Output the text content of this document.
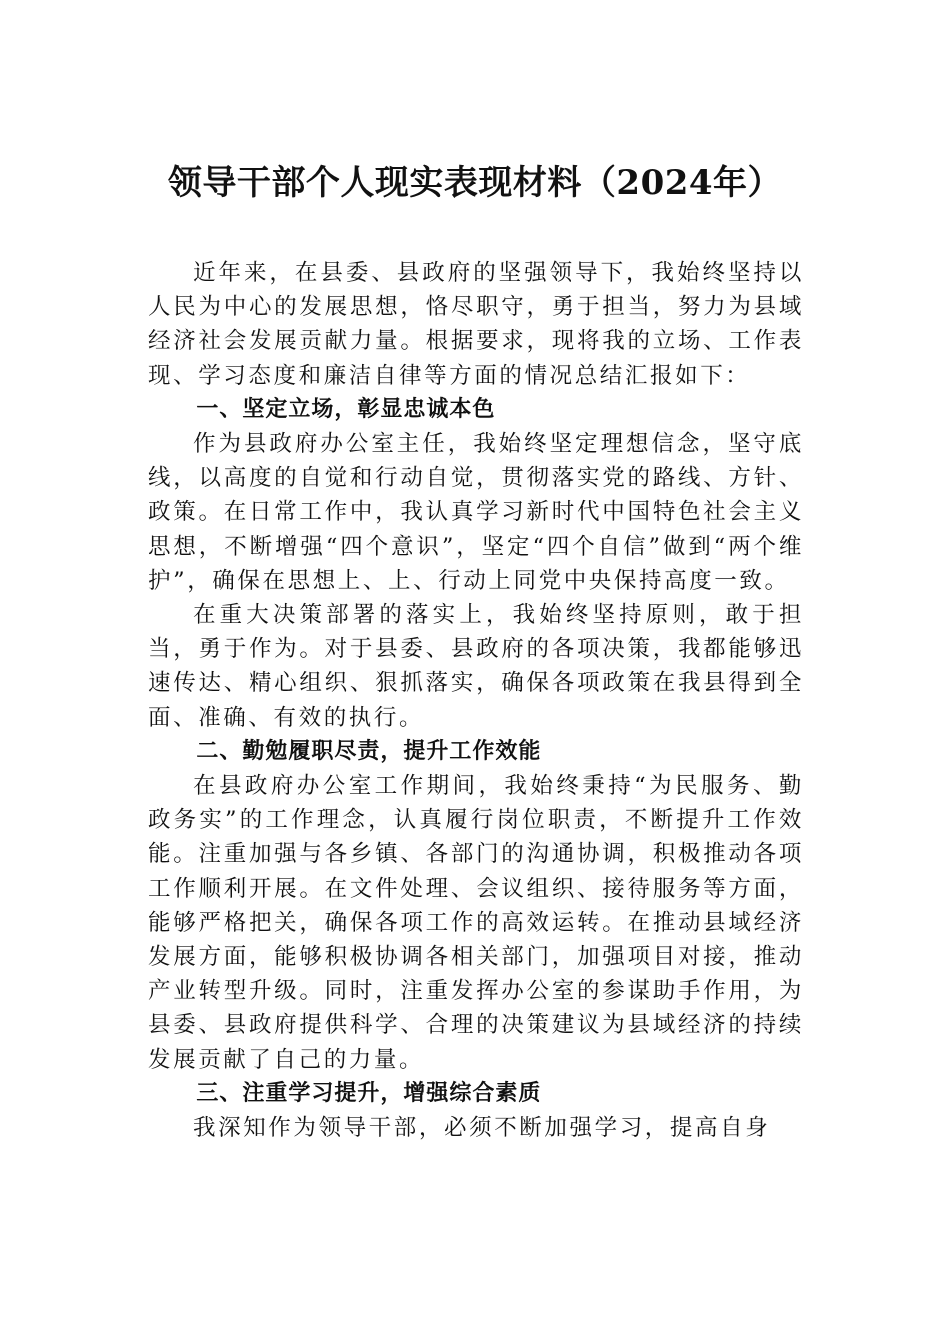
领导干部个人现实表现材料（2024年）

近年来，在县委、县政府的坚强领导下，我始终坚持以人民为中心的发展思想，恪尽职守，勇于担当，努力为县域经济社会发展贡献力量。根据要求，现将我的立场、工作表现、学习态度和廉洁自律等方面的情况总结汇报如下：

一、坚定立场，彰显忠诚本色

作为县政府办公室主任，我始终坚定理想信念，坚守底线，以高度的自觉和行动自觉，贯彻落实党的路线、方针、政策。在日常工作中，我认真学习新时代中国特色社会主义思想，不断增强“四个意识”，坚定“四个自信”做到“两个维护”，确保在思想上、上、行动上同党中央保持高度一致。

在重大决策部署的落实上，我始终坚持原则，敢于担当，勇于作为。对于县委、县政府的各项决策，我都能够迅速传达、精心组织、狠抓落实，确保各项政策在我县得到全面、准确、有效的执行。

二、勤勉履职尽责，提升工作效能

在县政府办公室工作期间，我始终秉持“为民服务、勤政务实”的工作理念，认真履行岗位职责，不断提升工作效能。注重加强与各乡镇、各部门的沟通协调，积极推动各项工作顺利开展。在文件处理、会议组织、接待服务等方面，能够严格把关，确保各项工作的高效运转。在推动县域经济发展方面，能够积极协调各相关部门，加强项目对接，推动产业转型升级。同时，注重发挥办公室的参谋助手作用，为县委、县政府提供科学、合理的决策建议为县域经济的持续发展贡献了自己的力量。

三、注重学习提升，增强综合素质

我深知作为领导干部，必须不断加强学习，提高自身
